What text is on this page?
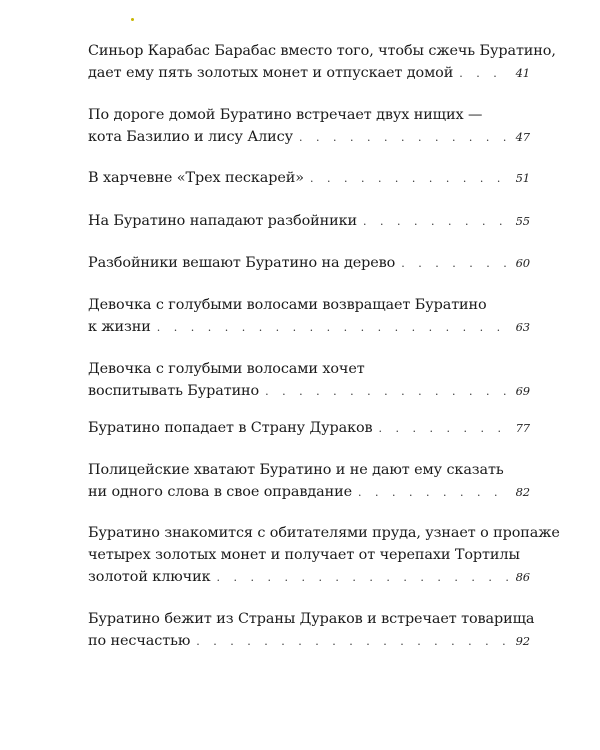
Синьор Карабас Барабас вместо того, чтобы сжечь Буратино,
дает ему пять золотых монет и отпускает домой . . .	41
По дороге домой Буратино встречает двух нищих —
кота Базилио и лису Алису . . .	47
В харчевне «Трех пескарей» . . .	51
На Буратино нападают разбойники . . .	55
Разбойники вешают Буратино на дерево . . .	60
Девочка с голубыми волосами возвращает Буратино
к жизни . . .	63
Девочка с голубыми волосами хочет
воспитывать Буратино . . .	69
Буратино попадает в Страну Дураков . . .	77
Полицейские хватают Буратино и не дают ему сказать
ни одного слова в свое оправдание . . .	82
Буратино знакомится с обитателями пруда, узнает о пропаже
четырех золотых монет и получает от черепахи Тортилы
золотой ключик . . .	86
Буратино бежит из Страны Дураков и встречает товарища
по несчастью . . .	92
